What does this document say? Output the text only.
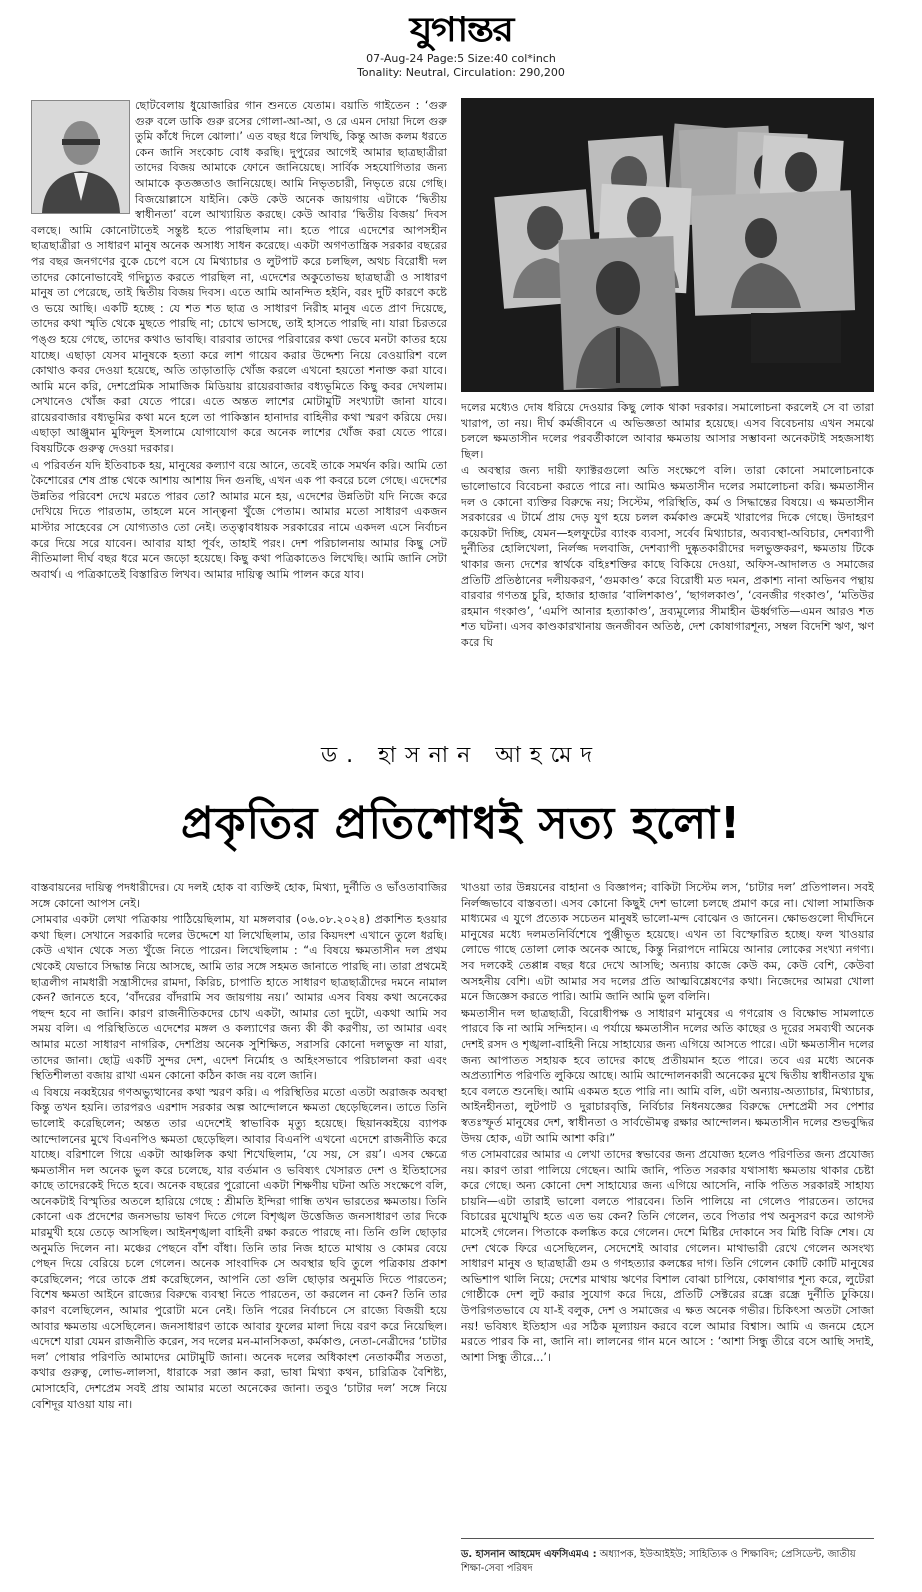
যুগান্তর
07-Aug-24 Page:5 Size:40 col*inch
Tonality: Neutral, Circulation: 290,200

ছোটবেলায় ধুয়োজারির গান শুনতে যেতাম। বয়াতি গাইতেন : ‘গুরু গুরু বলে ডাকি গুরু রসের গোলা-আ-আ, ও রে এমন দোয়া দিলে গুরু তুমি কাঁধে দিলে ঝোলা।’ এত বছর ধরে লিখছি, কিন্তু আজ কলম ধরতে কেন জানি সংকোচ বোধ করছি। দুপুরের আগেই আমার ছাত্রছাত্রীরা তাদের বিজয় আমাকে ফোনে জানিয়েছে। সার্বিক সহযোগিতার জন্য আমাকে কৃতজ্ঞতাও জানিয়েছে। আমি নিভৃতচারী, নিভৃতে রয়ে গেছি। বিজয়োল্লাসে যাইনি। কেউ কেউ অনেক জায়গায় এটাকে ‘দ্বিতীয় স্বাধীনতা’ বলে আখ্যায়িত করছে। কেউ আবার ‘দ্বিতীয় বিজয়’ দিবস বলছে। আমি কোনোটাতেই সন্তুষ্ট হতে পারছিলাম না। হতে পারে এদেশের আপসহীন ছাত্রছাত্রীরা ও সাধারণ মানুষ অনেক অসাধ্য সাধন করেছে। একটা অগণতান্ত্রিক সরকার বছরের পর বছর জনগণের বুকে চেপে বসে যে মিথ্যাচার ও লুটপাট করে চলছিল, অথচ বিরোধী দল তাদের কোনোভাবেই গদিচ্যুত করতে পারছিল না, এদেশের অকুতোভয় ছাত্রছাত্রী ও সাধারণ মানুষ তা পেরেছে, তাই দ্বিতীয় বিজয় দিবস। এতে আমি আনন্দিত হইনি, বরং দুটি কারণে কষ্টে ও ভয়ে আছি। একটি হচ্ছে : যে শত শত ছাত্র ও সাধারণ নিরীহ মানুষ এতে প্রাণ দিয়েছে, তাদের কথা স্মৃতি থেকে মুছতে পারছি না; চোখে ভাসছে, তাই হাসতে পারছি না। যারা চিরতরে পঙ্গু হয়ে গেছে, তাদের কথাও ভাবছি। বারবার তাদের পরিবারের কথা ভেবে মনটা কাতর হয়ে যাচ্ছে। এছাড়া যেসব মানুষকে হত্যা করে লাশ গায়েব করার উদ্দেশ্য নিয়ে বেওয়ারিশ বলে কোথাও কবর দেওয়া হয়েছে, অতি তাড়াতাড়ি খোঁজ করলে এখনো হয়তো শনাক্ত করা যাবে। আমি মনে করি, দেশপ্রেমিক সামাজিক মিডিয়ায় রায়েরবাজার বধ্যভূমিতে কিছু কবর দেখলাম। সেখানেও খোঁজ করা যেতে পারে। এতে অন্তত লাশের মোটামুটি সংখ্যাটা জানা যাবে। রায়েরবাজার বধ্যভূমির কথা মনে হলে তা পাকিস্তান হানাদার বাহিনীর কথা স্মরণ করিয়ে দেয়। এছাড়া আঞ্জুমান মুফিদুল ইসলামে যোগাযোগ করে অনেক লাশের খোঁজ করা যেতে পারে। বিষয়টিকে গুরুত্ব দেওয়া দরকার।

এ পরিবর্তন যদি ইতিবাচক হয়, মানুষের কল্যাণ বয়ে আনে, তবেই তাকে সমর্থন করি। আমি তো কৈশোরের শেষ প্রান্ত থেকে আশায় আশায় দিন গুনছি, এখন এক পা কবরে চলে গেছে। এদেশের উন্নতির পরিবেশ দেখে মরতে পারব তো? আমার মনে হয়, এদেশের উন্নতিটা যদি নিজে করে দেখিয়ে দিতে পারতাম, তাহলে মনে সান্ত্বনা খুঁজে পেতাম। আমার মতো সাধারণ একজন মাস্টার সাহেবের সে যোগ্যতাও তো নেই। তত্ত্বাবধায়ক সরকারের নামে একদল এসে নির্বাচন করে দিয়ে সরে যাবেন। আবার যাহা পূর্বং, তাহাই পরং। দেশ পরিচালনায় আমার কিছু সেট নীতিমালা দীর্ঘ বছর ধরে মনে জড়ো হয়েছে। কিছু কথা পত্রিকাতেও লিখেছি। আমি জানি সেটা অবার্থ। এ পত্রিকাতেই বিস্তারিত লিখব। আমার দায়িত্ব আমি পালন করে যাব।

দলের মধ্যেও দোষ ধরিয়ে দেওয়ার কিছু লোক থাকা দরকার। সমালোচনা করলেই সে বা তারা খারাপ, তা নয়। দীর্ঘ কর্মজীবনে এ অভিজ্ঞতা আমার হয়েছে। এসব বিবেচনায় এখন সমঝে চললে ক্ষমতাসীন দলের পরবর্তীকালে আবার ক্ষমতায় আসার সম্ভাবনা অনেকটাই সহজসাধ্য ছিল।

এ অবস্থার জন্য দায়ী ফ্যাক্টরগুলো অতি সংক্ষেপে বলি। তারা কোনো সমালোচনাকে ভালোভাবে বিবেচনা করতে পারে না। আমিও ক্ষমতাসীন দলের সমালোচনা করি। ক্ষমতাসীন দল ও কোনো ব্যক্তির বিরুদ্ধে নয়; সিস্টেম, পরিস্থিতি, কর্ম ও সিদ্ধান্তের বিষয়ে। এ ক্ষমতাসীন সরকারের এ টার্মে প্রায় দেড় যুগ হয়ে চলল কর্মকাণ্ড ক্রমেই খারাপের দিকে গেছে। উদাহরণ কয়েকটা দিচ্ছি, যেমন—হলফুটের ব্যাংক ব্যবসা, সর্বেব মিথ্যাচার, অব্যবস্থা-অবিচার, দেশব্যাপী দুর্নীতির হোলিখেলা, নির্লজ্জ দলবাজি, দেশব্যাপী দুষ্কৃতকারীদের দলভুক্তকরণ, ক্ষমতায় টিকে থাকার জন্য দেশের স্বার্থকে বহিঃশক্তির কাছে বিকিয়ে দেওয়া, অফিস-আদালত ও সমাজের প্রতিটি প্রতিষ্ঠানের দলীয়করণ, ‘গুমকাণ্ড’ করে বিরোধী মত দমন, প্রকাশ্য নানা অভিনব পন্থায় বারবার গণতন্ত্র চুরি, হাজার হাজার ‘বালিশকাণ্ড’, ‘ছাগলকাণ্ড’, ‘বেনজীর গংকাণ্ড’, ‘মতিউর রহমান গংকাণ্ড’, ‘এমপি আনার হত্যাকাণ্ড’, দ্রব্যমূল্যের সীমাহীন ঊর্ধ্বগতি—এমন আরও শত শত ঘটনা। এসব কাণ্ডকারখানায় জনজীবন অতিষ্ঠ, দেশ কোষাগারশূন্য, সম্বল বিদেশি ঋণ, ঋণ করে ঘি

ড. হাসনান আহমেদ
প্রকৃতির প্রতিশোধই সত্য হলো!

বাস্তবায়নের দায়িত্ব পদধারীদের। যে দলই হোক বা ব্যক্তিই হোক, মিথ্যা, দুর্নীতি ও ভাঁওতাবাজির সঙ্গে কোনো আপস নেই।

সোমবার একটা লেখা পত্রিকায় পাঠিয়েছিলাম, যা মঙ্গলবার (০৬.০৮.২০২৪) প্রকাশিত হওয়ার কথা ছিল। সেখানে সরকারি দলের উদ্দেশে যা লিখেছিলাম, তার কিয়দংশ এখানে তুলে ধরছি। কেউ এখান থেকে সত্য খুঁজে নিতে পারেন। লিখেছিলাম : “এ বিষয়ে ক্ষমতাসীন দল প্রথম থেকেই যেভাবে সিদ্ধান্ত নিয়ে আসছে, আমি তার সঙ্গে সহমত জানাতে পারছি না। তারা প্রথমেই ছাত্রলীগ নামধারী সন্ত্রাসীদের রামদা, কিরিচ, চাপাতি হাতে সাধারণ ছাত্রছাত্রীদের দমনে নামাল কেন? জানতে হবে, ‘বাঁদরের বাঁদরামি সব জায়গায় নয়।’ আমার এসব বিষয় কথা অনেকের পছন্দ হবে না জানি। কারণ রাজনীতিকদের চোখ একটা, আমার তো দুটো, একথা আমি সব সময় বলি। এ পরিস্থিতিতে এদেশের মঙ্গল ও কল্যাণের জন্য কী কী করণীয়, তা আমার এবং আমার মতো সাধারণ নাগরিক, দেশপ্রিয় অনেক সুশিক্ষিত, সরাসরি কোনো দলভুক্ত না যারা, তাদের জানা। ছোট্ট একটি সুন্দর দেশ, এদেশ নির্মোহ ও অহিংসভাবে পরিচালনা করা এবং স্থিতিশীলতা বজায় রাখা এমন কোনো কঠিন কাজ নয় বলে জানি।

এ বিষয়ে নব্বইয়ের গণঅভ্যুত্থানের কথা স্মরণ করি। এ পরিস্থিতির মতো এতটা অরাজক অবস্থা কিন্তু তখন হয়নি। তারপরও এরশাদ সরকার অল্প আন্দোলনে ক্ষমতা ছেড়েছিলেন। তাতে তিনি ভালোই করেছিলেন; অন্তত তার এদেশেই স্বাভাবিক মৃত্যু হয়েছে। ছিয়ানব্বইয়ে ব্যাপক আন্দোলনের মুখে বিএনপিও ক্ষমতা ছেড়েছিল। আবার বিএনপি এখনো এদেশে রাজনীতি করে যাচ্ছে। বরিশালে গিয়ে একটা আঞ্চলিক কথা শিখেছিলাম, ‘যে সয়, সে রয়’। এসব ক্ষেত্রে ক্ষমতাসীন দল অনেক ভুল করে চলেছে, যার বর্তমান ও ভবিষ্যৎ খেসারত দেশ ও ইতিহাসের কাছে তাদেরকেই দিতে হবে। অনেক বছরের পুরোনো একটা শিক্ষণীয় ঘটনা অতি সংক্ষেপে বলি, অনেকটাই বিস্মৃতির অতলে হারিয়ে গেছে : শ্রীমতি ইন্দিরা গান্ধি তখন ভারতের ক্ষমতায়। তিনি কোনো এক প্রদেশের জনসভায় ভাষণ দিতে গেলে বিশৃঙ্খল উত্তেজিত জনসাধারণ তার দিকে মারমুখী হয়ে তেড়ে আসছিল। আইনশৃঙ্খলা বাহিনী রক্ষা করতে পারছে না। তিনি গুলি ছোড়ার অনুমতি দিলেন না। মঞ্চের পেছনে বাঁশ বাঁধা। তিনি তার নিজ হাতে মাথায় ও কোমর বেয়ে পেছন দিয়ে বেরিয়ে চলে গেলেন। অনেক সাংবাদিক সে অবস্থার ছবি তুলে পত্রিকায় প্রকাশ করেছিলেন; পরে তাকে প্রশ্ন করেছিলেন, আপনি তো গুলি ছোড়ার অনুমতি দিতে পারতেন; বিশেষ ক্ষমতা আইনে রাজ্যের বিরুদ্ধে ব্যবস্থা নিতে পারতেন, তা করলেন না কেন? তিনি তার কারণ বলেছিলেন, আমার পুরোটা মনে নেই। তিনি পরের নির্বাচনে সে রাজ্যে বিজয়ী হয়ে আবার ক্ষমতায় এসেছিলেন। জনসাধারণ তাকে আবার ফুলের মালা দিয়ে বরণ করে নিয়েছিল। এদেশে যারা যেমন রাজনীতি করেন, সব দলের মন-মানসিকতা, কর্মকাণ্ড, নেতা-নেত্রীদের ‘চাটার দল’ পোষার পরিণতি আমাদের মোটামুটি জানা। অনেক দলের অধিকাংশ নেতাকর্মীর সততা, কথার গুরুত্ব, লোভ-লালসা, ধারাকে সরা জ্ঞান করা, ভাষা মিথ্যা কথন, চারিত্রিক বৈশিষ্ট্য, মোসাহেবি, দেশপ্রেম সবই প্রায় আমার মতো অনেকের জানা। তবুও ‘চাটার দল’ সঙ্গে নিয়ে বেশিদূর যাওয়া যায় না।

খাওয়া তার উন্নয়নের বাহানা ও বিজ্ঞাপন; বাকিটা সিস্টেম লস, ‘চাটার দল’ প্রতিপালন। সবই নির্লজ্জভাবে বাস্তবতা। এসব কোনো কিছুই দেশ ভালো চলছে প্রমাণ করে না। খোলা সামাজিক মাধ্যমের এ যুগে প্রত্যেক সচেতন মানুষই ভালো-মন্দ বোঝেন ও জানেন। ক্ষোভগুলো দীর্ঘদিনে মানুষের মধ্যে দলমতনির্বিশেষে পুঞ্জীভূত হয়েছে। এখন তা বিস্ফোরিত হচ্ছে। ফল খাওয়ার লোভে গাছে তোলা লোক অনেক আছে, কিন্তু নিরাপদে নামিয়ে আনার লোকের সংখ্যা নগণ্য। সব দলকেই তেপ্পান্ন বছর ধরে দেখে আসছি; অন্যায় কাজে কেউ কম, কেউ বেশি, কেউবা অসহনীয় বেশি। এটা আমার সব দলের প্রতি আত্মবিশ্লেষণের কথা। নিজেদের আমরা খোলা মনে জিজ্ঞেস করতে পারি। আমি জানি আমি ভুল বলিনি।

ক্ষমতাসীন দল ছাত্রছাত্রী, বিরোধীপক্ষ ও সাধারণ মানুষের এ গণরোষ ও বিক্ষোভ সামলাতে পারবে কি না আমি সন্দিহান। এ পর্যায়ে ক্ষমতাসীন দলের অতি কাছের ও দূরের সমব্যথী অনেক দেশই রসদ ও শৃঙ্খলা-বাহিনী নিয়ে সাহায্যের জন্য এগিয়ে আসতে পারে। এটা ক্ষমতাসীন দলের জন্য আপাতত সহায়ক হবে তাদের কাছে প্রতীয়মান হতে পারে। তবে এর মধ্যে অনেক অপ্রত্যাশিত পরিণতি লুকিয়ে আছে। আমি আন্দোলনকারী অনেকের মুখে দ্বিতীয় স্বাধীনতার যুদ্ধ হবে বলতে শুনেছি। আমি একমত হতে পারি না। আমি বলি, এটা অন্যায়-অত্যাচার, মিথ্যাচার, আইনহীনতা, লুটপাট ও দুরাচারবৃত্তি, নির্বিচার নিধনযজ্ঞের বিরুদ্ধে দেশপ্রেমী সব পেশার স্বতঃস্ফূর্ত মানুষের দেশ, স্বাধীনতা ও সার্বভৌমত্ব রক্ষার আন্দোলন। ক্ষমতাসীন দলের শুভবুদ্ধির উদয় হোক, এটা আমি আশা করি।”

গত সোমবারের আমার এ লেখা তাদের স্বভাবের জন্য প্রযোজ্য হলেও পরিণতির জন্য প্রযোজ্য নয়। কারণ তারা পালিয়ে গেছেন। আমি জানি, পতিত সরকার যথাসাধ্য ক্ষমতায় থাকার চেষ্টা করে গেছে। অন্য কোনো দেশ সাহায্যের জন্য এগিয়ে আসেনি, নাকি পতিত সরকারই সাহায্য চায়নি—এটা তারাই ভালো বলতে পারবেন। তিনি পালিয়ে না গেলেও পারতেন। তাদের বিচারের মুখোমুখি হতে এত ভয় কেন? তিনি গেলেন, তবে পিতার পথ অনুসরণ করে আগস্ট মাসেই গেলেন। পিতাকে কলঙ্কিত করে গেলেন। দেশে মিষ্টির দোকানে সব মিষ্টি বিক্রি শেষ। যে দেশ থেকে ফিরে এসেছিলেন, সেদেশেই আবার গেলেন। মাথাভারী রেখে গেলেন অসংখ্য সাধারণ মানুষ ও ছাত্রছাত্রী গুম ও গণহত্যার কলঙ্কের দাগ। তিনি গেলেন কোটি কোটি মানুষের অভিশাপ থালি নিয়ে; দেশের মাথায় ঋণের বিশাল বোঝা চাপিয়ে, কোষাগার শূন্য করে, লুটেরা গোষ্ঠীকে দেশ লুট করার সুযোগ করে দিয়ে, প্রতিটি সেক্টরের রন্ধ্রে রন্ধ্রে দুর্নীতি ঢুকিয়ে। উপরিগতভাবে যে যা-ই বলুক, দেশ ও সমাজের এ ক্ষত অনেক গভীর। চিকিৎসা অতটা সোজা নয়! ভবিষ্যৎ ইতিহাস এর সঠিক মূল্যায়ন করবে বলে আমার বিশ্বাস। আমি এ জনমে হেসে মরতে পারব কি না, জানি না। লালনের গান মনে আসে : ‘আশা সিন্ধু তীরে বসে আছি সদাই, আশা সিন্ধু তীরে...’।

ড. হাসনান আহমেদ এফসিএমএ : অধ্যাপক, ইউআইইউ; সাহিত্যিক ও শিক্ষাবিদ; প্রেসিডেন্ট, জাতীয় শিক্ষা-সেবা পরিষদ
